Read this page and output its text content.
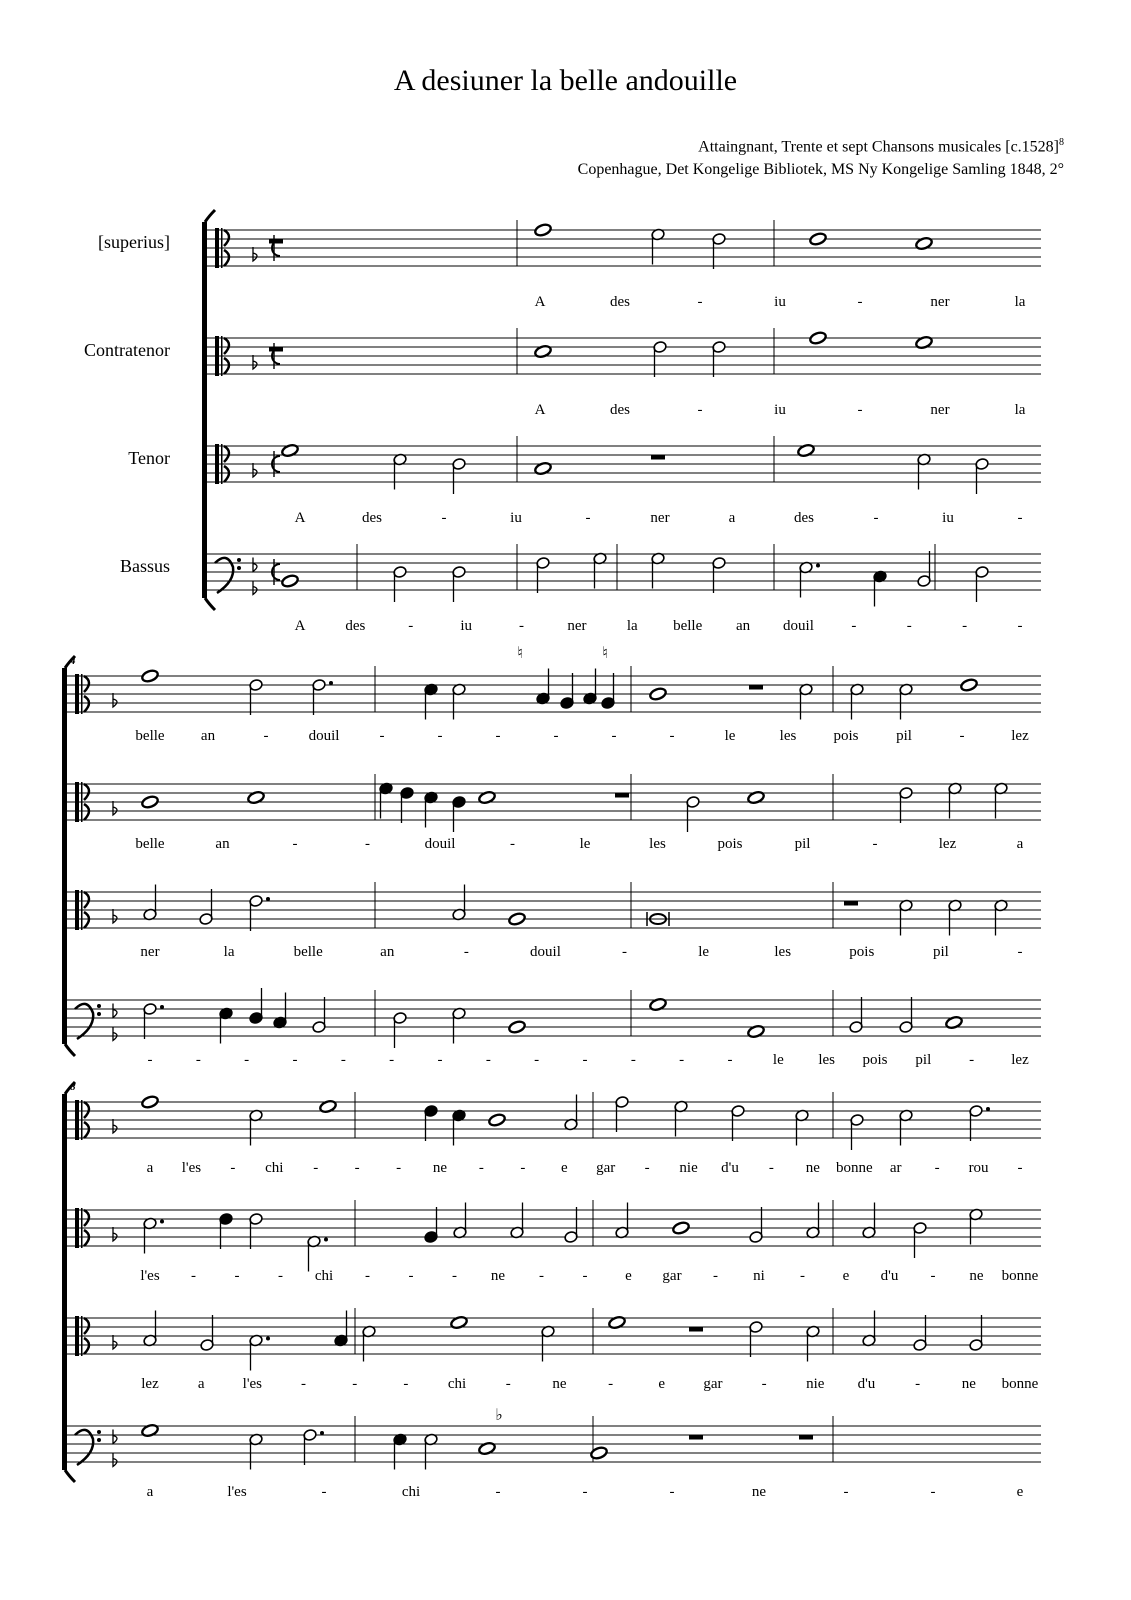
A desiuner la belle andouille
Attaingnant, Trente et sept Chansons musicales $[c.1528]^8$
Copenhague, Det Kongelige Bibliotek, MS Ny Kongelige Samling 1848, 2°
[superius]
Contratenor
Tenor
Bassus
A	des	-	iu	-	ner	la
A	des	-	iu	-	ner	la
A	des	-	iu	-	ner	a	des	-	iu	-
A	des	-	iu	-	ner	la belle an douil -	-	-	-
4
belle an	-	douil	-	-	-	-	-	-	le	les pois	pil	-	lez
belle	an	-	-	douil	-	le	les	pois	pil	-	lez	a
ner	la	belle	an	-	douil	-	le	les	pois	pil	-
-	-	-	-	-	-	-	-	-	-	-	-	-	le les pois pil	- lez
8
a l'es - chi - - - ne - - e gar - nie d'u - ne bonne ar - rou -
l'es -	-	- chi -	-	- ne -	-	e gar - ni -	e d'u - ne bonne
lez	a	l'es	-	-	-	chi	-	ne	-	e	gar	-	nie d'u	-	ne bonne
a	l'es	-	chi	-	-	-	ne	-	-	e
♮	♮
♭
